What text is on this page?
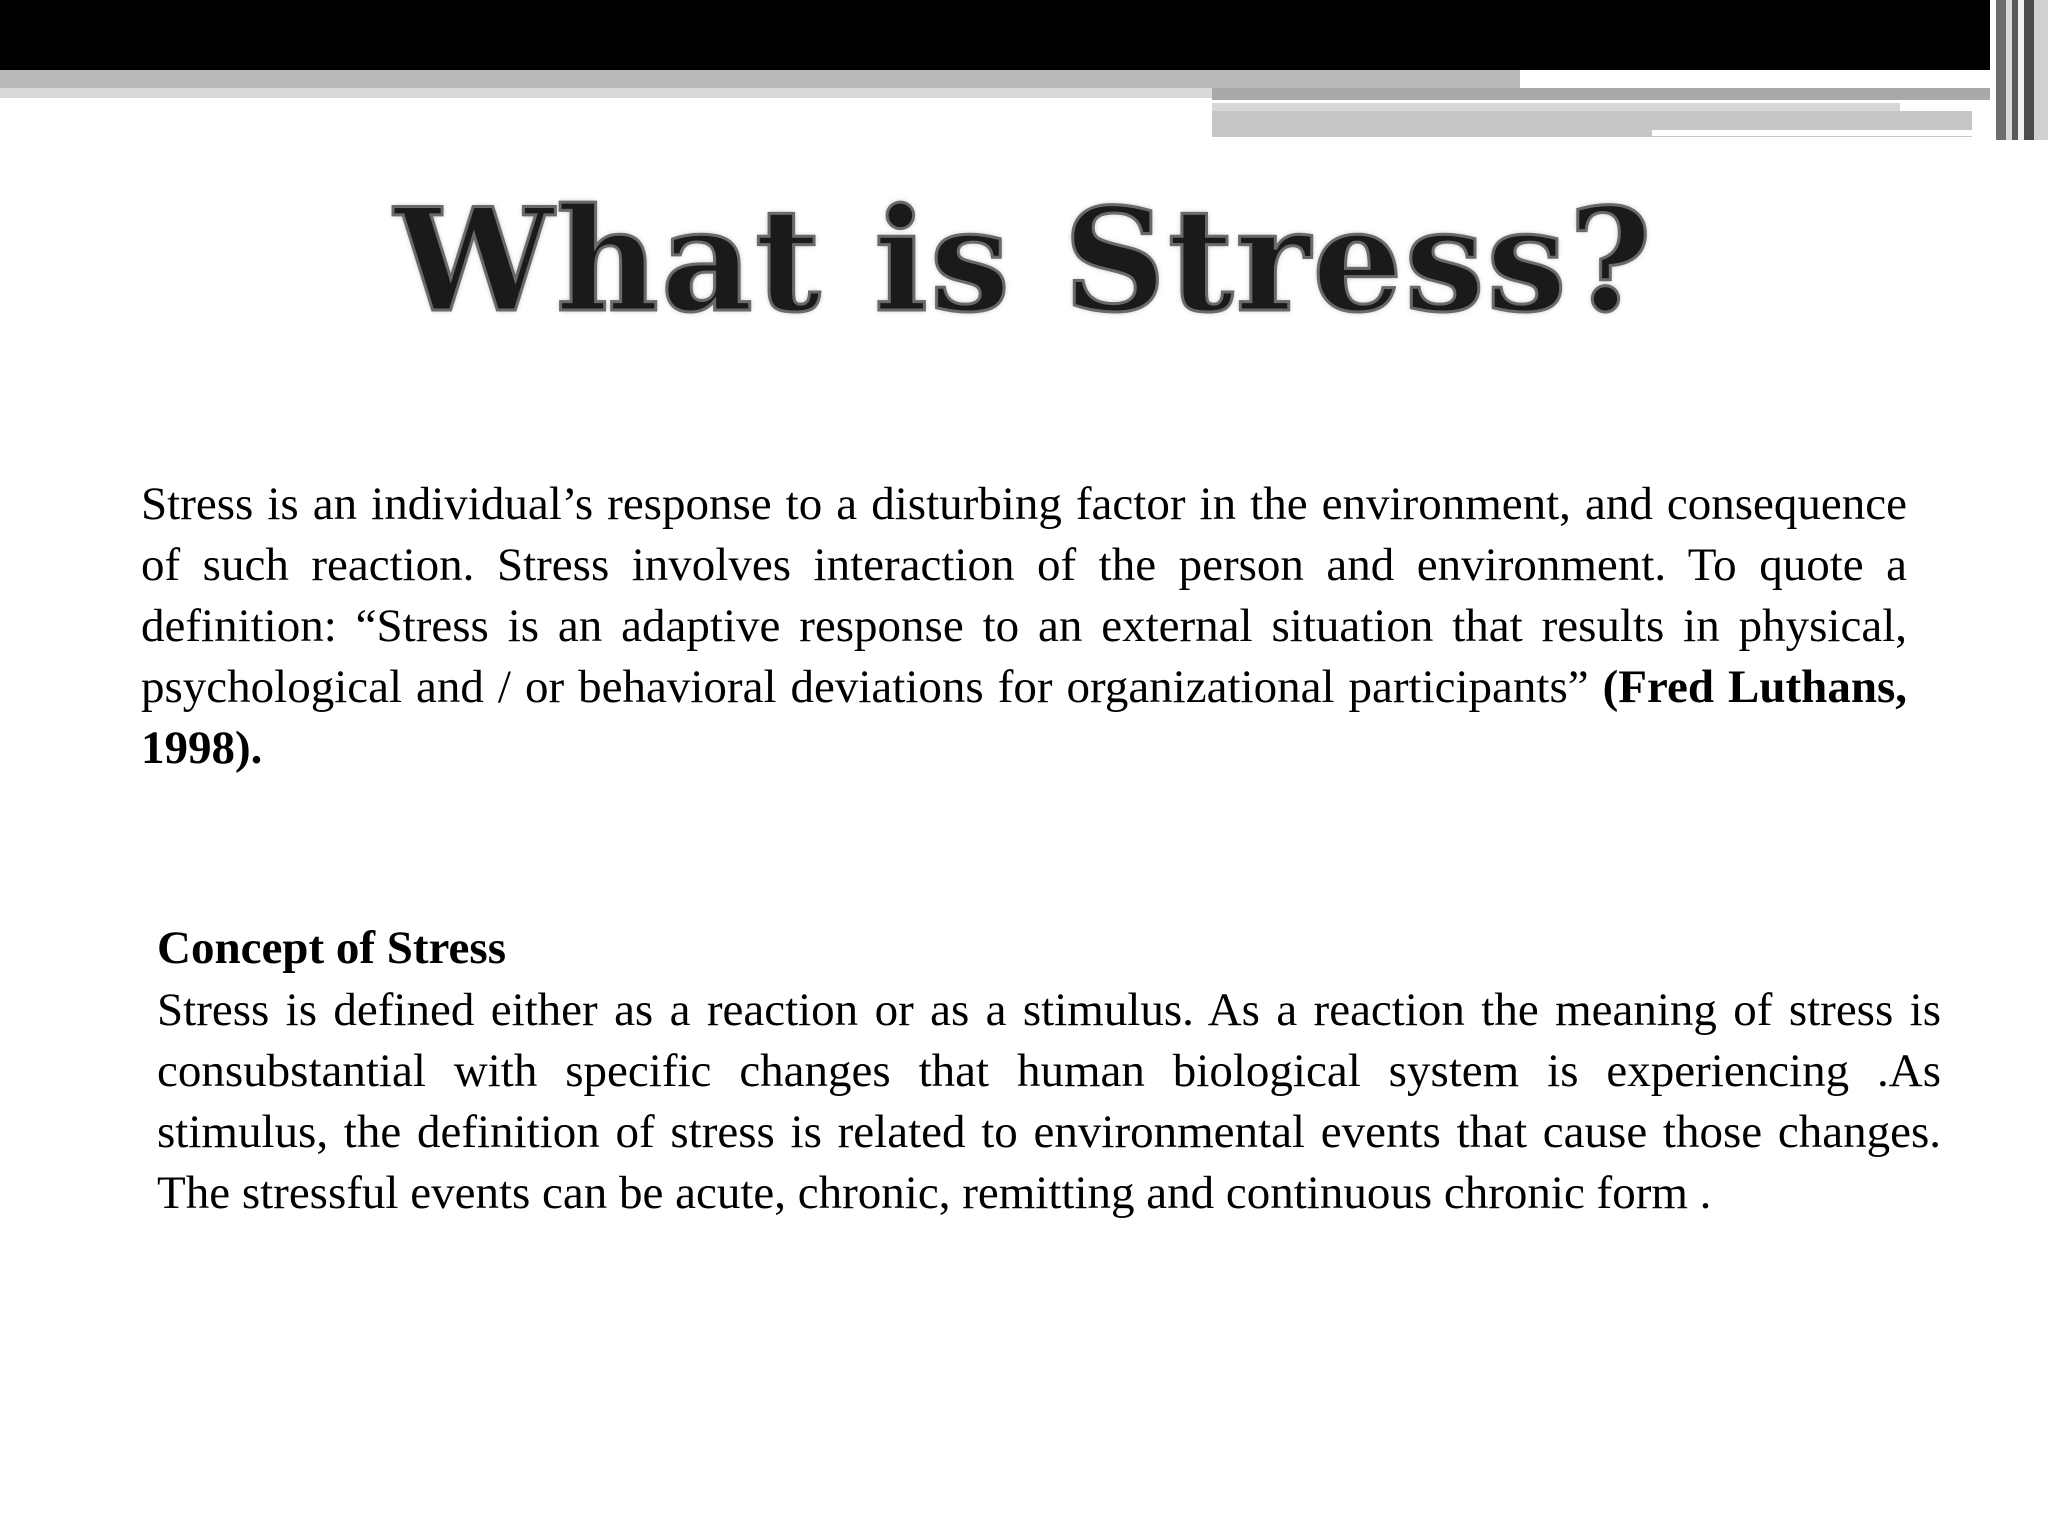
What is Stress?

Stress is an individual’s response to a disturbing factor in the environment, and consequence of such reaction. Stress involves interaction of the person and environment. To quote a definition: “Stress is an adaptive response to an external situation that results in physical, psychological and / or behavioral deviations for organizational participants” (Fred Luthans, 1998).

Concept of Stress

Stress is defined either as a reaction or as a stimulus. As a reaction the meaning of stress is consubstantial with specific changes that human biological system is experiencing .As stimulus, the definition of stress is related to environmental events that cause those changes. The stressful events can be acute, chronic, remitting and continuous chronic form .
